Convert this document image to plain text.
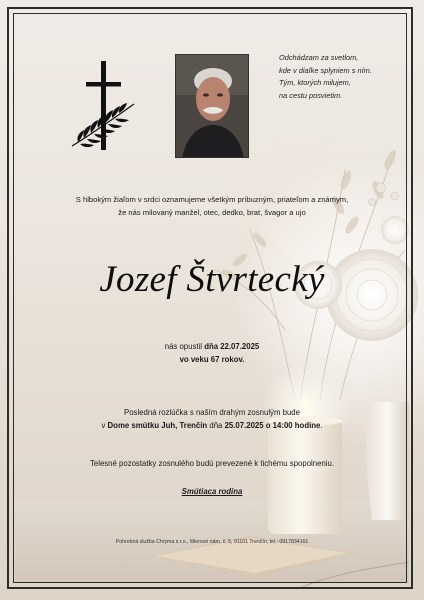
Odchádzam za svetlom,
kde v diaľke splyniem s ním.
Tým, ktorých milujem,
na cestu posvietim.
S hlbokým žiaľom v srdci oznamujeme všetkým príbuzným, priateľom a známym,
že nás milovaný manžel, otec, dedko, brat, švagor a ujo
Jozef Štvrtecký
nás opustil dňa 22.07.2025
vo veku 67 rokov.
Posledná rozlúčka s naším drahým zosnulým bude
v Dome smútku Juh, Trenčín dňa 25.07.2025 o 14:00 hodine.
Telesné pozostatky zosnulého budú prevezené k tichému spopolneniu.
Smútiaca rodina
Pohrebná služba Chryma s.r.o., Mierové nám. č. 5, 91101 Trenčín, tel.: 0917834161
